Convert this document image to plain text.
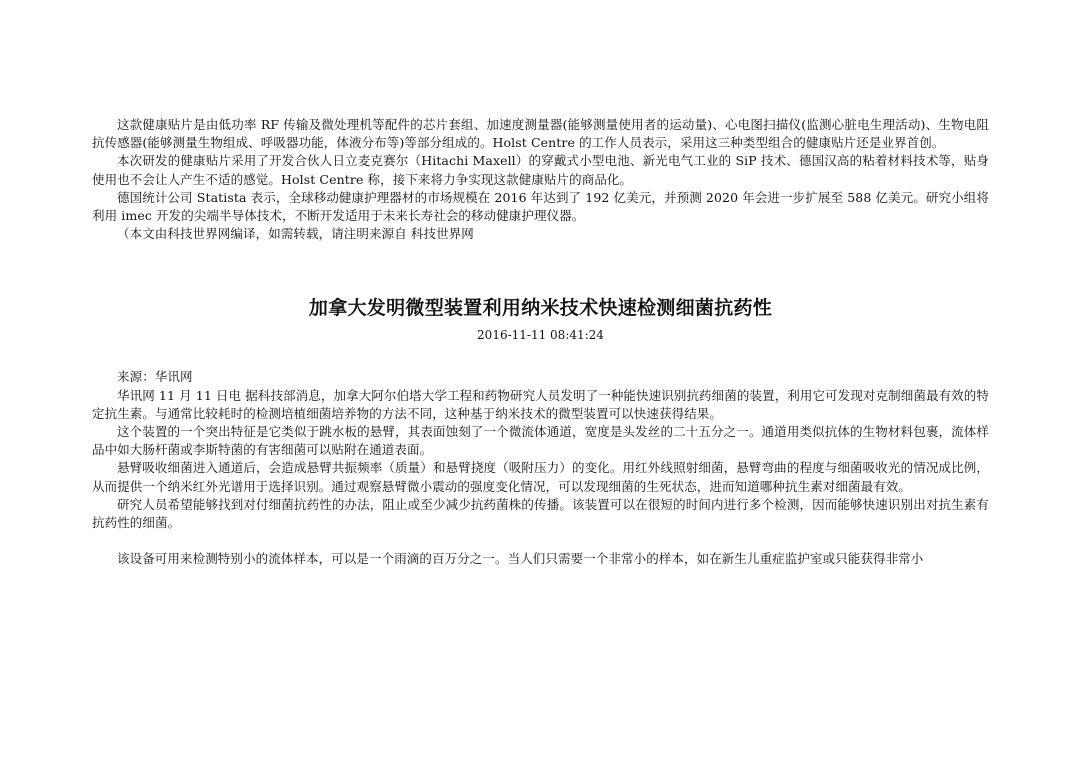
这款健康贴片是由低功率 RF 传输及微处理机等配件的芯片套组、加速度测量器(能够测量使用者的运动量)、心电图扫描仪(监测心脏电生理活动)、生物电阻抗传感器(能够测量生物组成、呼吸器功能，体液分布等)等部分组成的。Holst Centre 的工作人员表示，采用这三种类型组合的健康贴片还是业界首创。

本次研发的健康贴片采用了开发合伙人日立麦克赛尔（Hitachi Maxell）的穿戴式小型电池、新光电气工业的 SiP 技术、德国汉高的粘着材料技术等，贴身使用也不会让人产生不适的感觉。Holst Centre 称，接下来将力争实现这款健康贴片的商品化。

德国统计公司 Statista 表示，全球移动健康护理器材的市场规模在 2016 年达到了 192 亿美元，并预测 2020 年会进一步扩展至 588 亿美元。研究小组将利用 imec 开发的尖端半导体技术，不断开发适用于未来长寿社会的移动健康护理仪器。

（本文由科技世界网编译，如需转载，请注明来源自 科技世界网

加拿大发明微型装置利用纳米技术快速检测细菌抗药性
2016-11-11 08:41:24

来源：华讯网

华讯网 11 月 11 日电 据科技部消息，加拿大阿尔伯塔大学工程和药物研究人员发明了一种能快速识别抗药细菌的装置，利用它可发现对克制细菌最有效的特定抗生素。与通常比较耗时的检测培植细菌培养物的方法不同，这种基于纳米技术的微型装置可以快速获得结果。

这个装置的一个突出特征是它类似于跳水板的悬臂，其表面蚀刻了一个微流体通道，宽度是头发丝的二十五分之一。通道用类似抗体的生物材料包裹，流体样品中如大肠杆菌或李斯特菌的有害细菌可以贴附在通道表面。

悬臂吸收细菌进入通道后，会造成悬臂共振频率（质量）和悬臂挠度（吸附压力）的变化。用红外线照射细菌，悬臂弯曲的程度与细菌吸收光的情况成比例，从而提供一个纳米红外光谱用于选择识别。通过观察悬臂微小震动的强度变化情况，可以发现细菌的生死状态，进而知道哪种抗生素对细菌最有效。

研究人员希望能够找到对付细菌抗药性的办法，阻止或至少减少抗药菌株的传播。该装置可以在很短的时间内进行多个检测，因而能够快速识别出对抗生素有抗药性的细菌。

该设备可用来检测特别小的流体样本，可以是一个雨滴的百万分之一。当人们只需要一个非常小的样本，如在新生儿重症监护室或只能获得非常小
